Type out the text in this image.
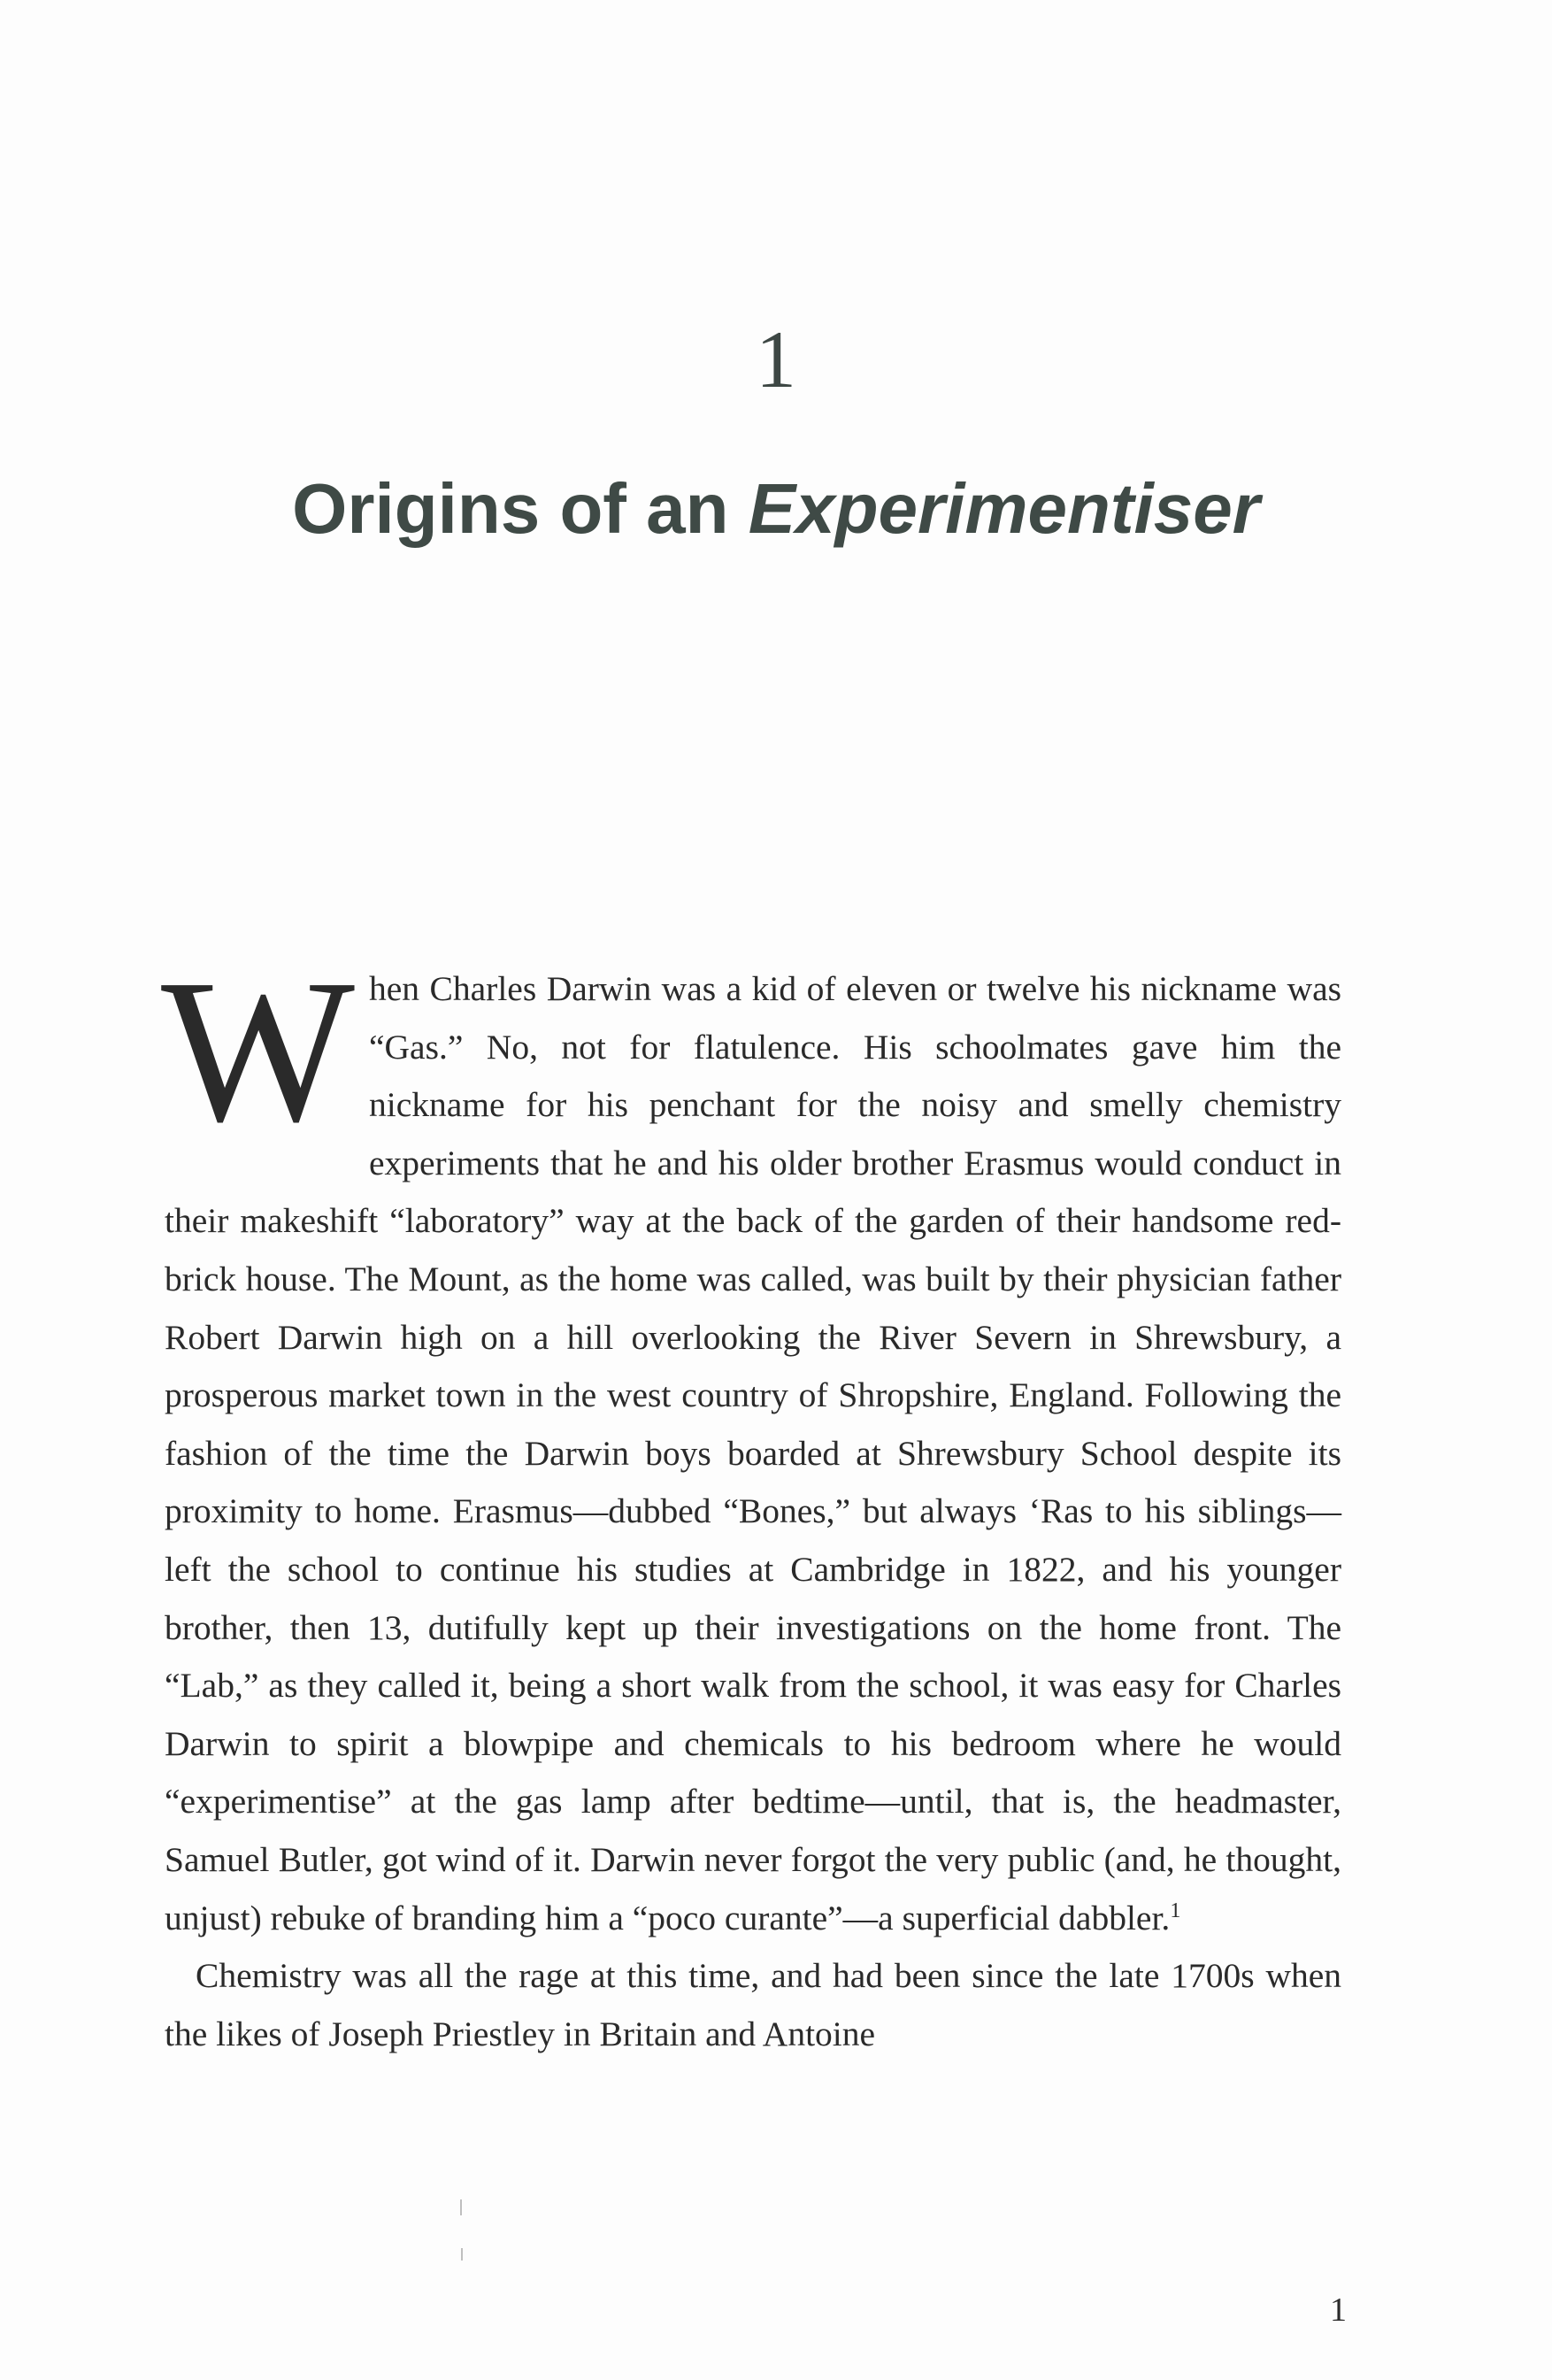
1
Origins of an Experimentiser

When Charles Darwin was a kid of eleven or twelve his nickname was “Gas.” No, not for flatulence. His schoolmates gave him the nickname for his penchant for the noisy and smelly chemistry experiments that he and his older brother Erasmus would conduct in their makeshift “laboratory” way at the back of the garden of their handsome red-brick house. The Mount, as the home was called, was built by their physician father Robert Darwin high on a hill overlooking the River Severn in Shrewsbury, a prosperous market town in the west country of Shropshire, England. Following the fashion of the time the Darwin boys boarded at Shrewsbury School despite its proximity to home. Erasmus—dubbed “Bones,” but always ‘Ras to his siblings—left the school to continue his studies at Cambridge in 1822, and his younger brother, then 13, dutifully kept up their investigations on the home front. The “Lab,” as they called it, being a short walk from the school, it was easy for Charles Darwin to spirit a blowpipe and chemicals to his bedroom where he would “experimentise” at the gas lamp after bedtime—until, that is, the headmaster, Samuel Butler, got wind of it. Darwin never forgot the very public (and, he thought, unjust) rebuke of branding him a “poco curante”—a superficial dabbler.$^1$

Chemistry was all the rage at this time, and had been since the late 1700s when the likes of Joseph Priestley in Britain and Antoine

1
